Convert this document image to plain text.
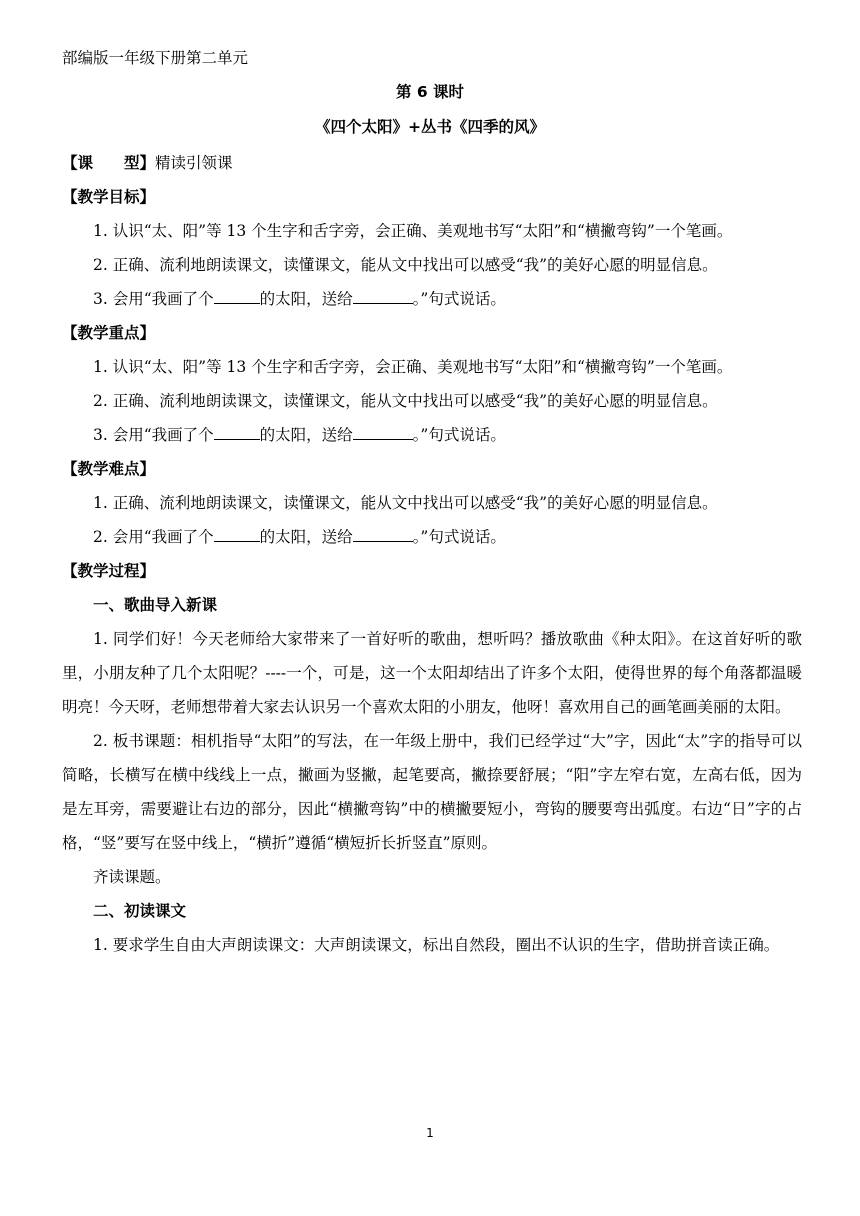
部编版一年级下册第二单元
第 6 课时
《四个太阳》+丛书《四季的风》

【课　　型】精读引领课

【教学目标】

1. 认识“太、阳”等 13 个生字和舌字旁，会正确、美观地书写“太阳”和“横撇弯钩”一个笔画。

2. 正确、流利地朗读课文，读懂课文，能从文中找出可以感受“我”的美好心愿的明显信息。

3. 会用“我画了个	的太阳，送给	。”句式说话。

【教学重点】

1. 认识“太、阳”等 13 个生字和舌字旁，会正确、美观地书写“太阳”和“横撇弯钩”一个笔画。

2. 正确、流利地朗读课文，读懂课文，能从文中找出可以感受“我”的美好心愿的明显信息。

3. 会用“我画了个	的太阳，送给	。”句式说话。

【教学难点】

1. 正确、流利地朗读课文，读懂课文，能从文中找出可以感受“我”的美好心愿的明显信息。

2. 会用“我画了个	的太阳，送给	。”句式说话。

【教学过程】

一、歌曲导入新课

1. 同学们好！今天老师给大家带来了一首好听的歌曲，想听吗？播放歌曲《种太阳》。在这首好听的歌里，小朋友种了几个太阳呢？----一个，可是，这一个太阳却结出了许多个太阳，使得世界的每个角落都温暖明亮！今天呀，老师想带着大家去认识另一个喜欢太阳的小朋友，他呀！喜欢用自己的画笔画美丽的太阳。

2. 板书课题：相机指导“太阳”的写法，在一年级上册中，我们已经学过“大”字，因此“太”字的指导可以简略，长横写在横中线线上一点，撇画为竖撇，起笔要高，撇捺要舒展；“阳”字左窄右宽，左高右低，因为是左耳旁，需要避让右边的部分，因此“横撇弯钩”中的横撇要短小，弯钩的腰要弯出弧度。右边“日”字的占格，“竖”要写在竖中线上，“横折”遵循“横短折长折竖直”原则。

齐读课题。

二、初读课文

1. 要求学生自由大声朗读课文：大声朗读课文，标出自然段，圈出不认识的生字，借助拼音读正确。

1
